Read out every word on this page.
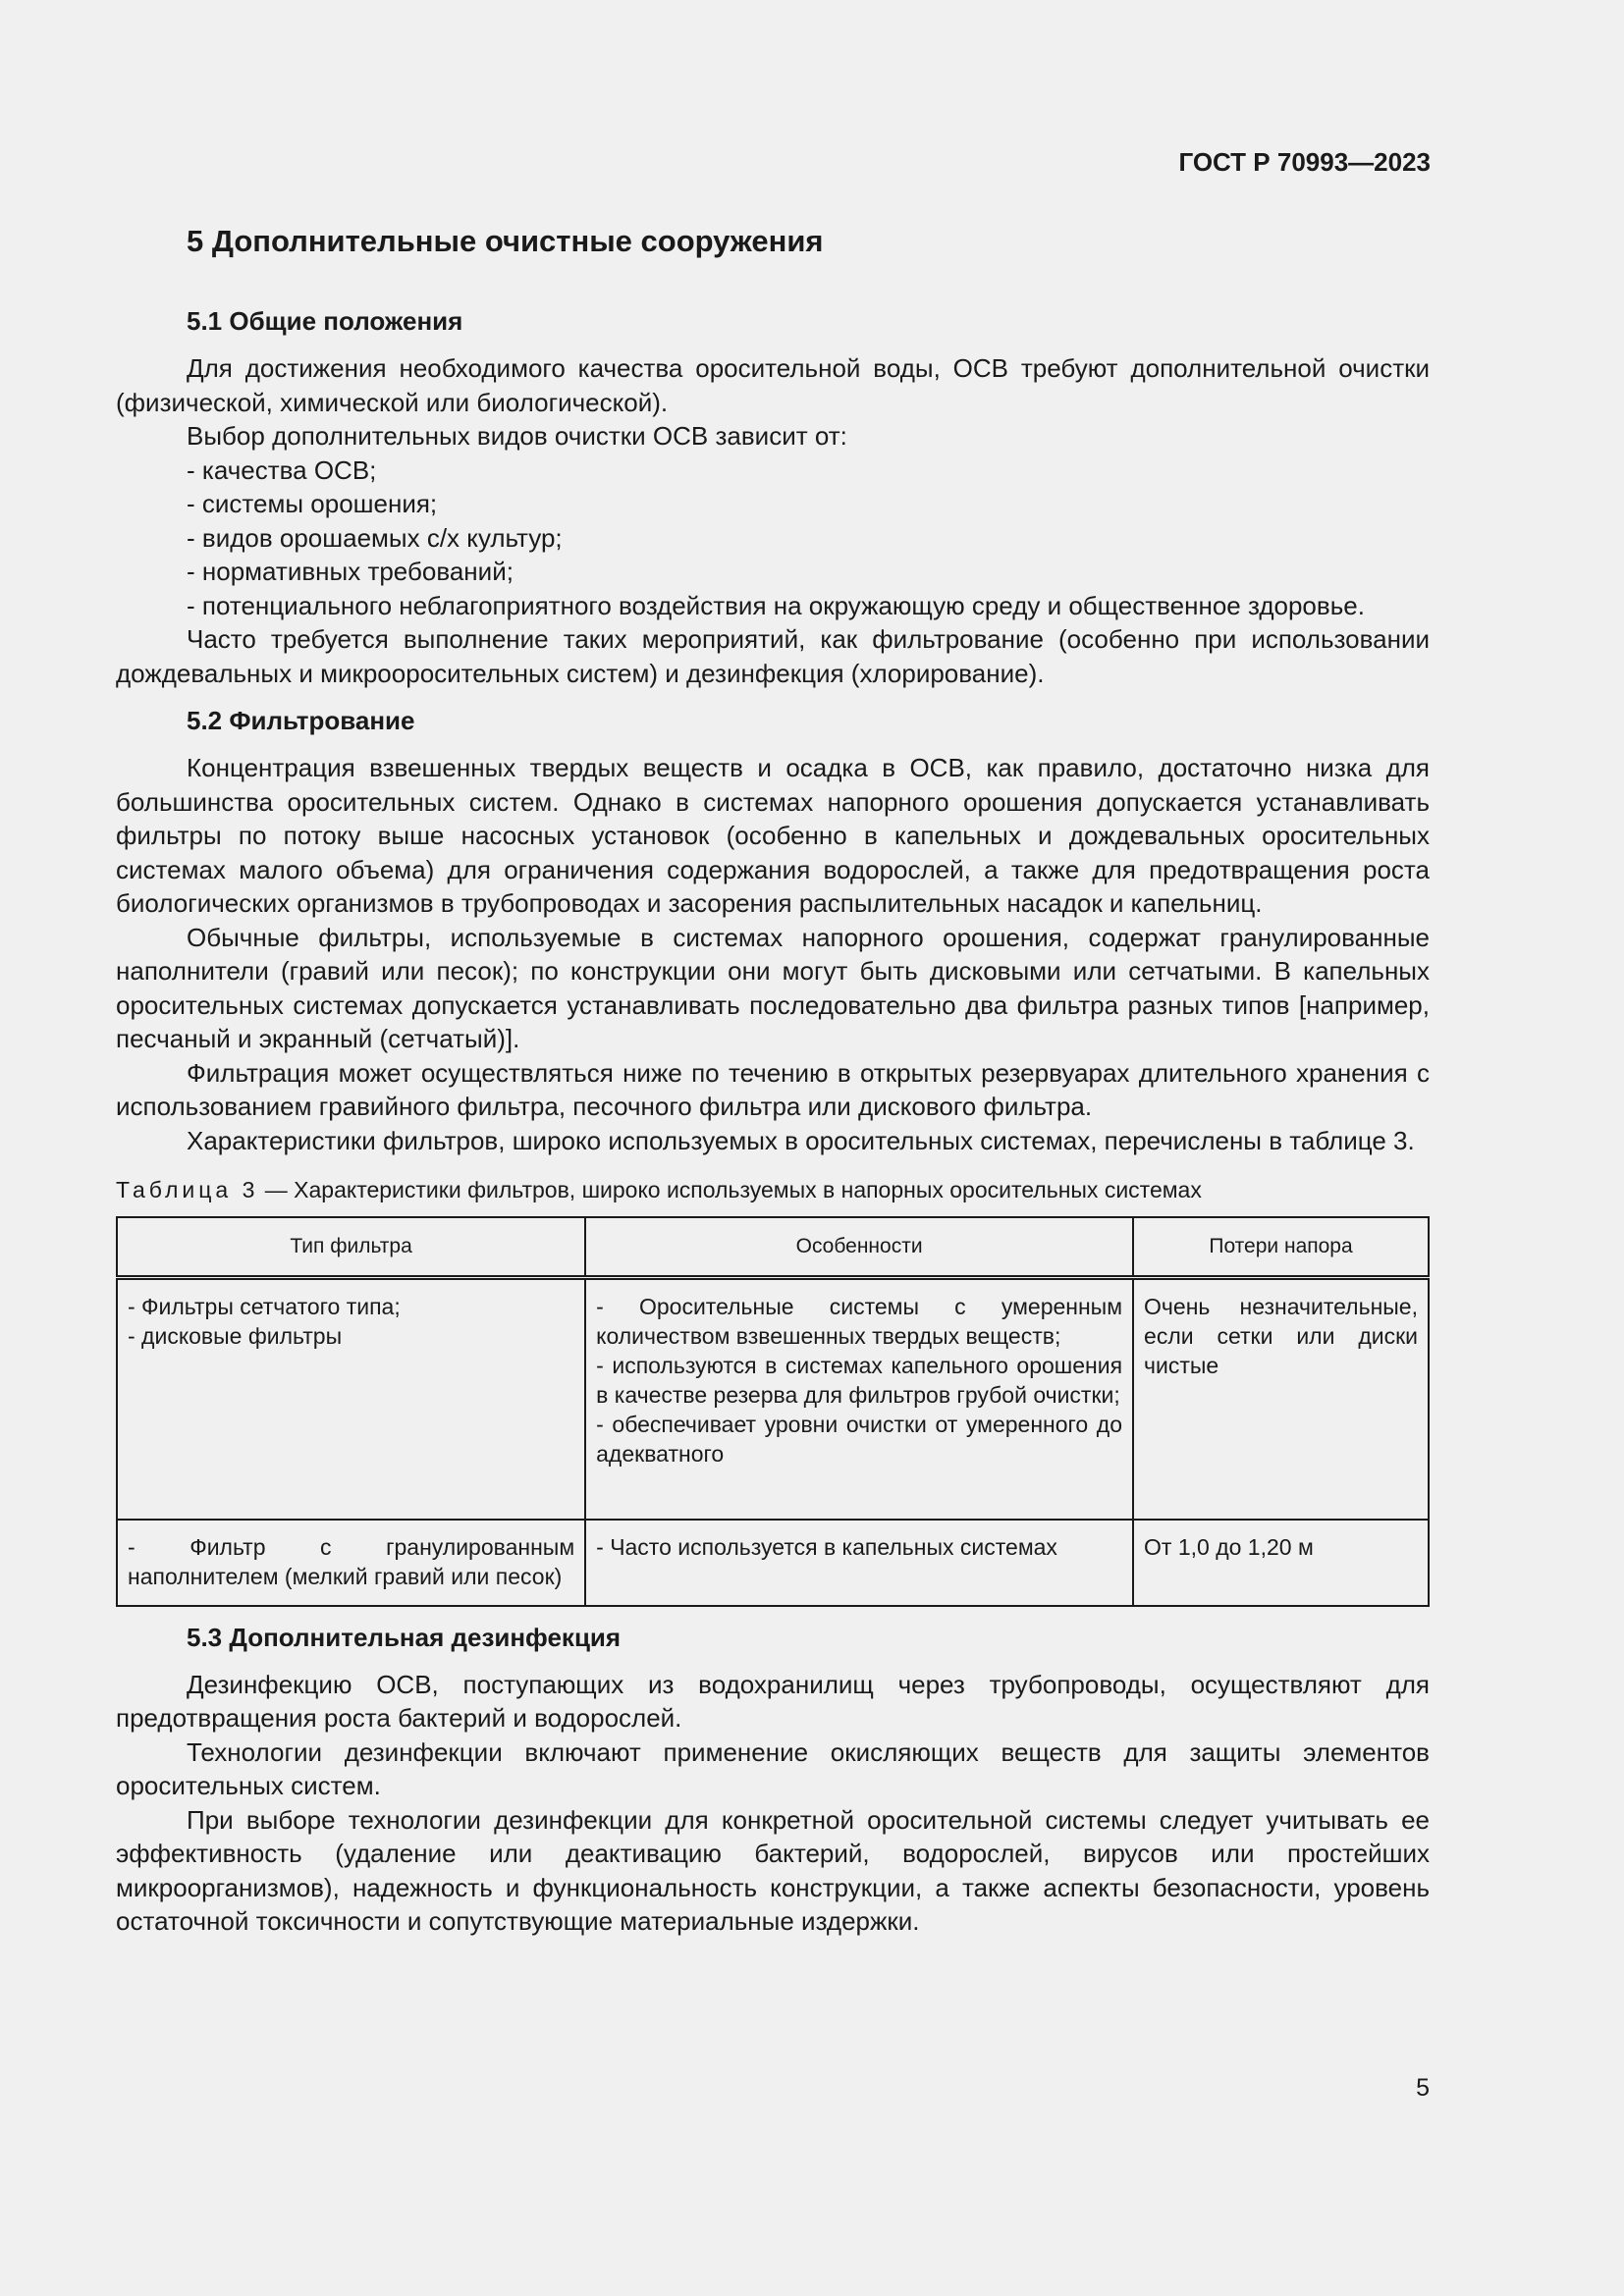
ГОСТ Р 70993—2023
5 Дополнительные очистные сооружения
5.1 Общие положения

Для достижения необходимого качества оросительной воды, ОСВ требуют дополнительной очистки (физической, химической или биологической).

Выбор дополнительных видов очистки ОСВ зависит от:

- качества ОСВ;

- системы орошения;

- видов орошаемых с/х культур;

- нормативных требований;

- потенциального неблагоприятного воздействия на окружающую среду и общественное здоровье.

Часто требуется выполнение таких мероприятий, как фильтрование (особенно при использовании дождевальных и микрооросительных систем) и дезинфекция (хлорирование).

5.2 Фильтрование

Концентрация взвешенных твердых веществ и осадка в ОСВ, как правило, достаточно низка для большинства оросительных систем. Однако в системах напорного орошения допускается устанавливать фильтры по потоку выше насосных установок (особенно в капельных и дождевальных оросительных системах малого объема) для ограничения содержания водорослей, а также для предотвращения роста биологических организмов в трубопроводах и засорения распылительных насадок и капельниц.

Обычные фильтры, используемые в системах напорного орошения, содержат гранулированные наполнители (гравий или песок); по конструкции они могут быть дисковыми или сетчатыми. В капельных оросительных системах допускается устанавливать последовательно два фильтра разных типов [например, песчаный и экранный (сетчатый)].

Фильтрация может осуществляться ниже по течению в открытых резервуарах длительного хранения с использованием гравийного фильтра, песочного фильтра или дискового фильтра.

Характеристики фильтров, широко используемых в оросительных системах, перечислены в таблице 3.

Таблица 3 — Характеристики фильтров, широко используемых в напорных оросительных системах
Тип фильтра	Особенности	Потери напора

- Фильтры сетчатого типа;
- дисковые фильтры	- Оросительные системы с умеренным количеством взвешенных твердых веществ;
- используются в системах капельного орошения в качестве резерва для фильтров грубой очистки;
- обеспечивает уровни очистки от умеренного до адекватного	Очень незначительные, если сетки или диски чистые

- Фильтр с гранулированным наполнителем (мелкий гравий или песок)	- Часто используется в капельных системах	От 1,0 до 1,20 м
5.3 Дополнительная дезинфекция

Дезинфекцию ОСВ, поступающих из водохранилищ через трубопроводы, осуществляют для предотвращения роста бактерий и водорослей.

Технологии дезинфекции включают применение окисляющих веществ для защиты элементов оросительных систем.

При выборе технологии дезинфекции для конкретной оросительной системы следует учитывать ее эффективность (удаление или деактивацию бактерий, водорослей, вирусов или простейших микроорганизмов), надежность и функциональность конструкции, а также аспекты безопасности, уровень остаточной токсичности и сопутствующие материальные издержки.

5
